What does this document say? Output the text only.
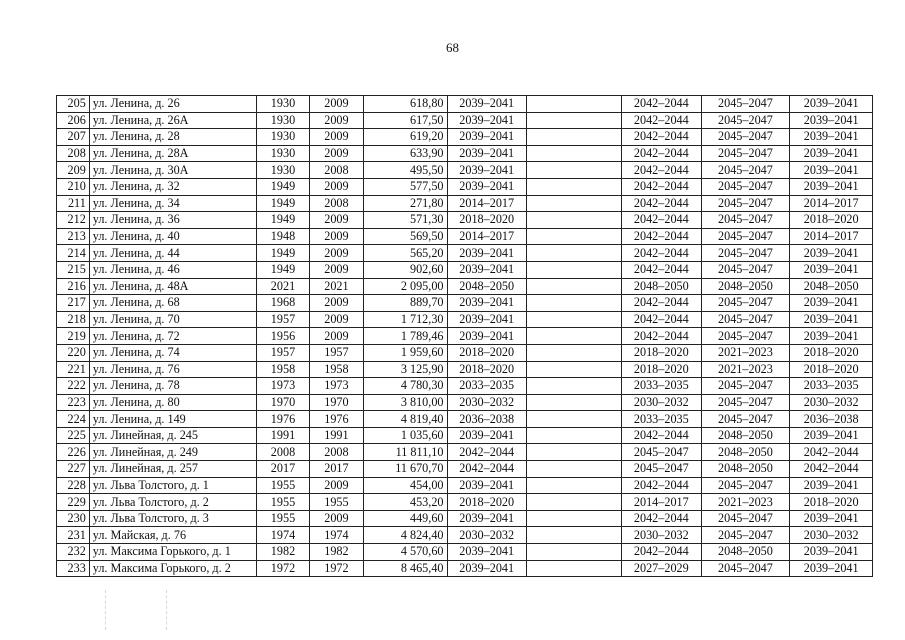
68
205	ул. Ленина, д. 26	1930	2009	618,80	2039–2041		2042–2044	2045–2047	2039–2041
206	ул. Ленина, д. 26А	1930	2009	617,50	2039–2041		2042–2044	2045–2047	2039–2041
207	ул. Ленина, д. 28	1930	2009	619,20	2039–2041		2042–2044	2045–2047	2039–2041
208	ул. Ленина, д. 28А	1930	2009	633,90	2039–2041		2042–2044	2045–2047	2039–2041
209	ул. Ленина, д. 30А	1930	2008	495,50	2039–2041		2042–2044	2045–2047	2039–2041
210	ул. Ленина, д. 32	1949	2009	577,50	2039–2041		2042–2044	2045–2047	2039–2041
211	ул. Ленина, д. 34	1949	2008	271,80	2014–2017		2042–2044	2045–2047	2014–2017
212	ул. Ленина, д. 36	1949	2009	571,30	2018–2020		2042–2044	2045–2047	2018–2020
213	ул. Ленина, д. 40	1948	2009	569,50	2014–2017		2042–2044	2045–2047	2014–2017
214	ул. Ленина, д. 44	1949	2009	565,20	2039–2041		2042–2044	2045–2047	2039–2041
215	ул. Ленина, д. 46	1949	2009	902,60	2039–2041		2042–2044	2045–2047	2039–2041
216	ул. Ленина, д. 48А	2021	2021	2 095,00	2048–2050		2048–2050	2048–2050	2048–2050
217	ул. Ленина, д. 68	1968	2009	889,70	2039–2041		2042–2044	2045–2047	2039–2041
218	ул. Ленина, д. 70	1957	2009	1 712,30	2039–2041		2042–2044	2045–2047	2039–2041
219	ул. Ленина, д. 72	1956	2009	1 789,46	2039–2041		2042–2044	2045–2047	2039–2041
220	ул. Ленина, д. 74	1957	1957	1 959,60	2018–2020		2018–2020	2021–2023	2018–2020
221	ул. Ленина, д. 76	1958	1958	3 125,90	2018–2020		2018–2020	2021–2023	2018–2020
222	ул. Ленина, д. 78	1973	1973	4 780,30	2033–2035		2033–2035	2045–2047	2033–2035
223	ул. Ленина, д. 80	1970	1970	3 810,00	2030–2032		2030–2032	2045–2047	2030–2032
224	ул. Ленина, д. 149	1976	1976	4 819,40	2036–2038		2033–2035	2045–2047	2036–2038
225	ул. Линейная, д. 245	1991	1991	1 035,60	2039–2041		2042–2044	2048–2050	2039–2041
226	ул. Линейная, д. 249	2008	2008	11 811,10	2042–2044		2045–2047	2048–2050	2042–2044
227	ул. Линейная, д. 257	2017	2017	11 670,70	2042–2044		2045–2047	2048–2050	2042–2044
228	ул. Льва Толстого, д. 1	1955	2009	454,00	2039–2041		2042–2044	2045–2047	2039–2041
229	ул. Льва Толстого, д. 2	1955	1955	453,20	2018–2020		2014–2017	2021–2023	2018–2020
230	ул. Льва Толстого, д. 3	1955	2009	449,60	2039–2041		2042–2044	2045–2047	2039–2041
231	ул. Майская, д. 76	1974	1974	4 824,40	2030–2032		2030–2032	2045–2047	2030–2032
232	ул. Максима Горького, д. 1	1982	1982	4 570,60	2039–2041		2042–2044	2048–2050	2039–2041
233	ул. Максима Горького, д. 2	1972	1972	8 465,40	2039–2041		2027–2029	2045–2047	2039–2041
